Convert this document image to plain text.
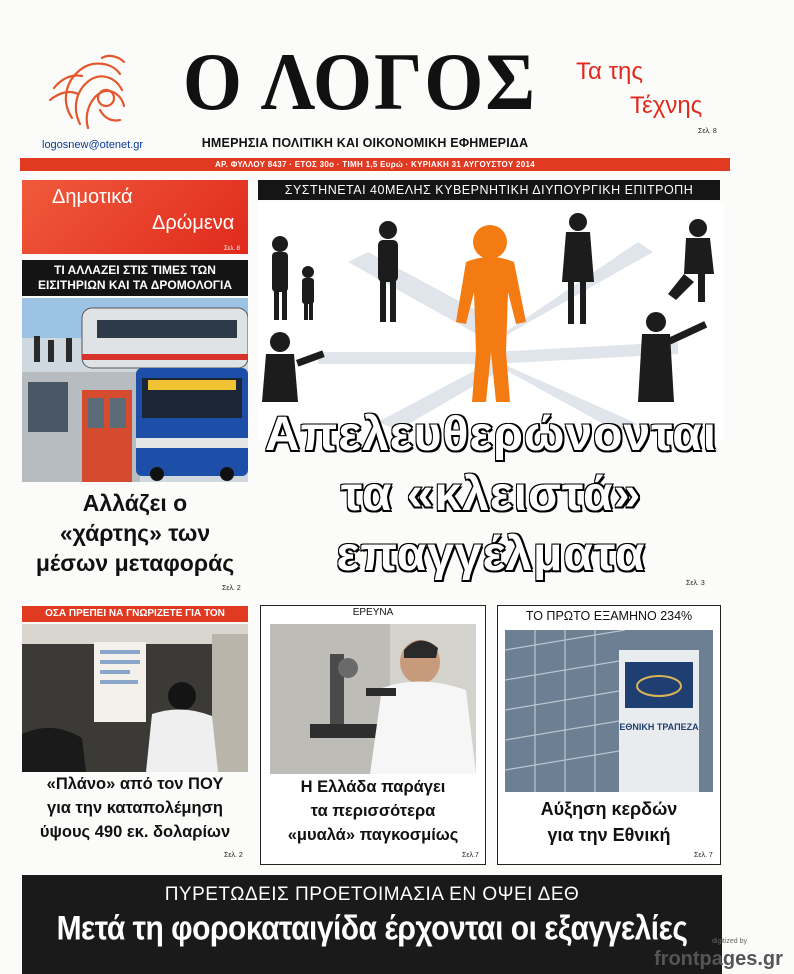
logosnew@otenet.gr
Ο ΛΟΓΟΣ
ΗΜΕΡΗΣΙΑ ΠΟΛΙΤΙΚΗ ΚΑΙ ΟΙΚΟΝΟΜΙΚΗ ΕΦΗΜΕΡΙΔΑ
Τα της
Τέχνης
Σελ. 8
ΑΡ. ΦΥΛΛΟΥ 8437 · ΕΤΟΣ 30ο · ΤΙΜΗ 1,5 Ευρώ · ΚΥΡΙΑΚΗ 31 ΑΥΓΟΥΣΤΟΥ 2014
Δημοτικά
Δρώμενα
Σελ. 8
ΤΙ ΑΛΛΑΖΕΙ ΣΤΙΣ ΤΙΜΕΣ ΤΩΝ ΕΙΣΙΤΗΡΙΩΝ ΚΑΙ ΤΑ ΔΡΟΜΟΛΟΓΙΑ
Αλλάζει ο
«χάρτης» των
μέσων μεταφοράς
Σελ. 2
ΣΥΣΤΗΝΕΤΑΙ 40ΜΕΛΗΣ ΚΥΒΕΡΝΗΤΙΚΗ ΔΙΥΠΟΥΡΓΙΚΗ ΕΠΙΤΡΟΠΗ
Απελευθερώνονται
τα «κλειστά»
επαγγέλματα
Σελ. 3
ΟΣΑ ΠΡΕΠΕΙ ΝΑ ΓΝΩΡΙΖΕΤΕ ΓΙΑ ΤΟΝ
«Πλάνο» από τον ΠΟΥ
για την καταπολέμηση
ύψους 490 εκ. δολαρίων
Σελ. 2
ΕΡΕΥΝΑ
Η Ελλάδα παράγει
τα περισσότερα
«μυαλά» παγκοσμίως
Σελ.7
ΤΟ ΠΡΩΤΟ ΕΞΑΜΗΝΟ 234%
ΕΘΝΙΚΗ ΤΡΑΠΕΖΑ
Αύξηση κερδών
για την Εθνική
Σελ. 7
ΠΥΡΕΤΩΔΕΙΣ ΠΡΟΕΤΟΙΜΑΣΙΑ ΕΝ ΟΨΕΙ ΔΕΘ
Μετά τη φοροκαταιγίδα έρχονται οι εξαγγελίες	digitized by
frontpages.gr
